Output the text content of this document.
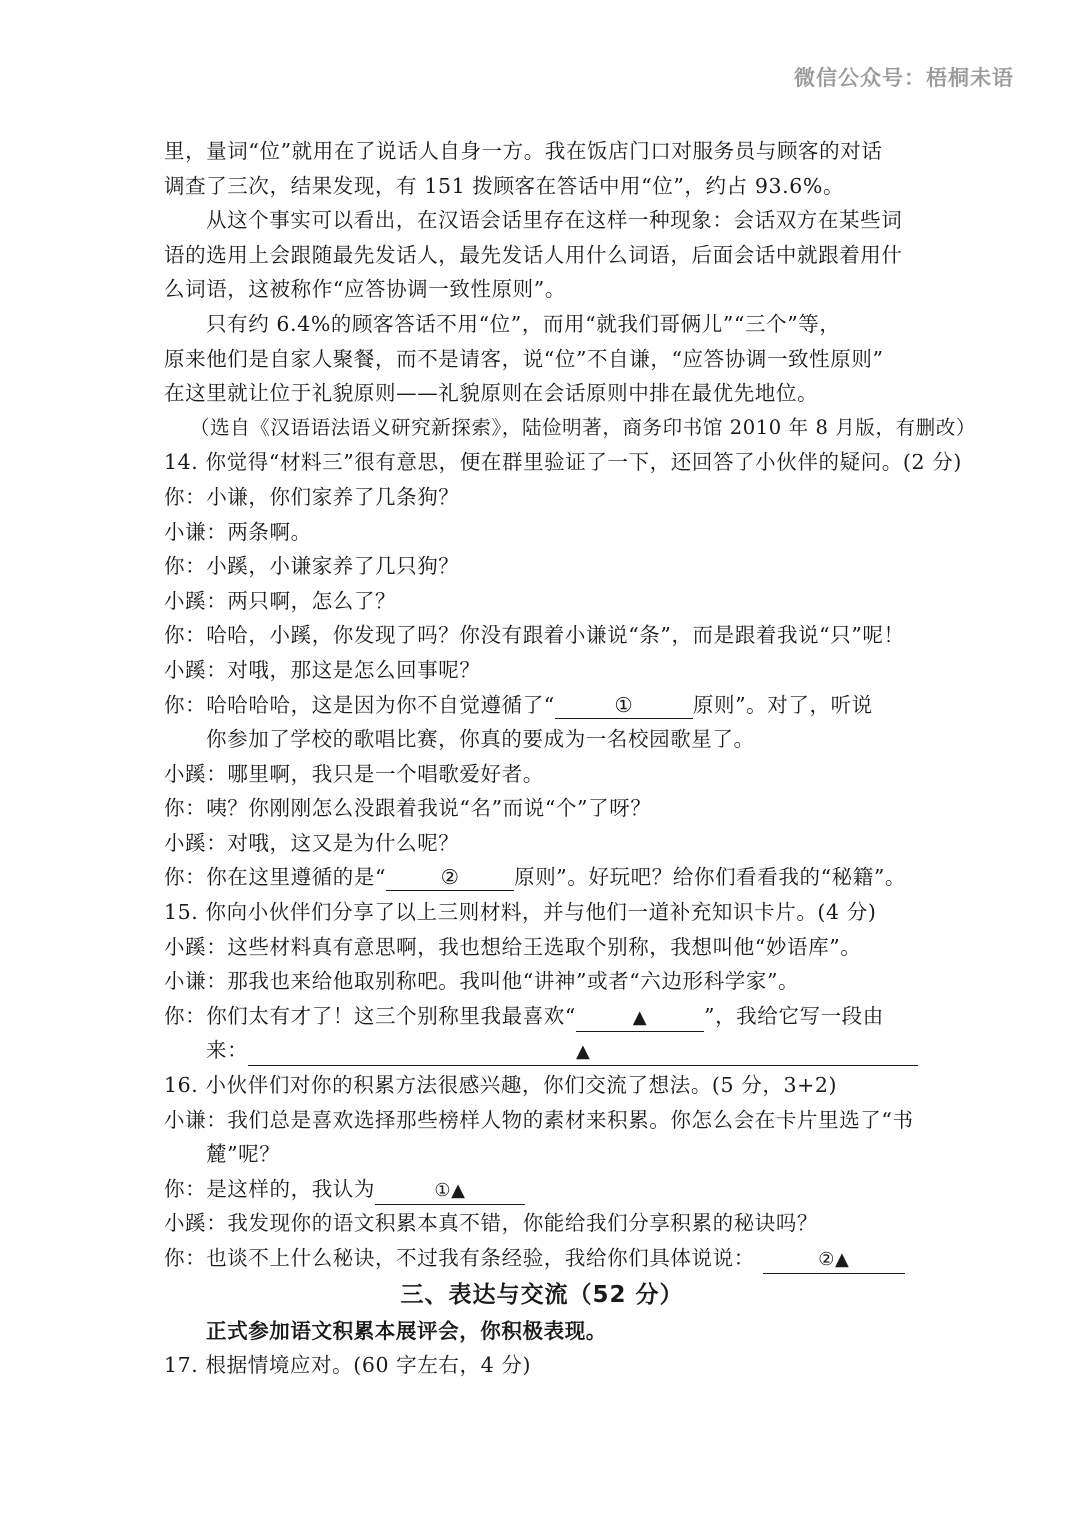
微信公众号：梧桐未语
里，量词“位”就用在了说话人自身一方。我在饭店门口对服务员与顾客的对话
调查了三次，结果发现，有 151 拨顾客在答话中用“位”，约占 93.6%。
从这个事实可以看出，在汉语会话里存在这样一种现象：会话双方在某些词
语的选用上会跟随最先发话人，最先发话人用什么词语，后面会话中就跟着用什
么词语，这被称作“应答协调一致性原则”。
只有约 6.4%的顾客答话不用“位”，而用“就我们哥俩儿”“三个”等，
原来他们是自家人聚餐，而不是请客，说“位”不自谦，“应答协调一致性原则”
在这里就让位于礼貌原则——礼貌原则在会话原则中排在最优先地位。
（选自《汉语语法语义研究新探索》，陆俭明著，商务印书馆 2010 年 8 月版，有删改）
14. 你觉得“材料三”很有意思，便在群里验证了一下，还回答了小伙伴的疑问。(2 分)
你：小谦，你们家养了几条狗？
小谦：两条啊。
你：小蹊，小谦家养了几只狗？
小蹊：两只啊，怎么了？
你：哈哈，小蹊，你发现了吗？你没有跟着小谦说“条”，而是跟着我说“只”呢！
小蹊：对哦，那这是怎么回事呢？
你：哈哈哈哈，这是因为你不自觉遵循了“	①	原则”。对了，听说
你参加了学校的歌唱比赛，你真的要成为一名校园歌星了。
小蹊：哪里啊，我只是一个唱歌爱好者。
你：咦？你刚刚怎么没跟着我说“名”而说“个”了呀？
小蹊：对哦，这又是为什么呢？
你：你在这里遵循的是“	②	原则”。好玩吧？给你们看看我的“秘籍”。
15. 你向小伙伴们分享了以上三则材料，并与他们一道补充知识卡片。(4 分)
小蹊：这些材料真有意思啊，我也想给王选取个别称，我想叫他“妙语库”。
小谦：那我也来给他取别称吧。我叫他“讲神”或者“六边形科学家”。
你：你们太有才了！这三个别称里我最喜欢“	▲	”，我给它写一段由
来：	▲
16. 小伙伴们对你的积累方法很感兴趣，你们交流了想法。(5 分，3+2)
小谦：我们总是喜欢选择那些榜样人物的素材来积累。你怎么会在卡片里选了“书
麓”呢？
你：是这样的，我认为	①▲
小蹊：我发现你的语文积累本真不错，你能给我们分享积累的秘诀吗？
你：也谈不上什么秘诀，不过我有条经验，我给你们具体说说：	②▲
三、表达与交流（52 分）
正式参加语文积累本展评会，你积极表现。
17. 根据情境应对。(60 字左右，4 分)
